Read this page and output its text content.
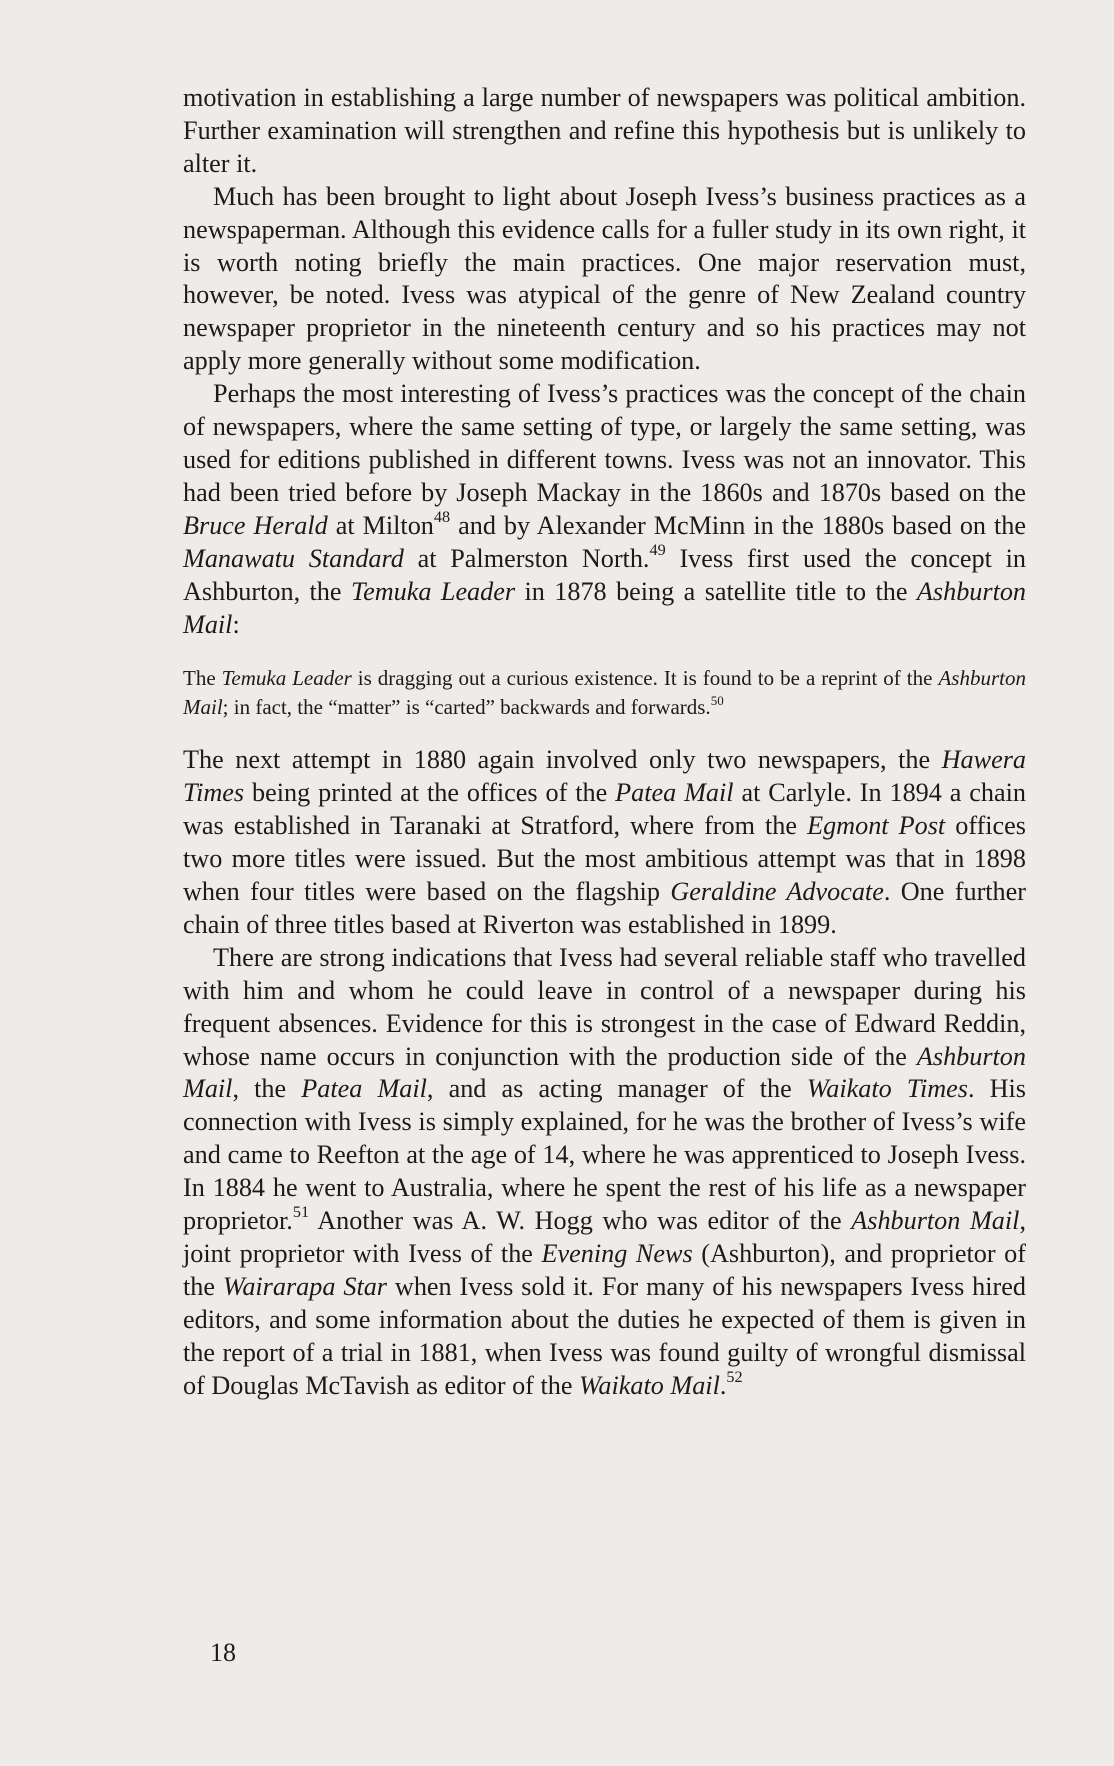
motivation in establishing a large number of newspapers was political ambition. Further examination will strengthen and refine this hypothesis but is unlikely to alter it.

Much has been brought to light about Joseph Ivess’s business practices as a newspaperman. Although this evidence calls for a fuller study in its own right, it is worth noting briefly the main practices. One major reservation must, however, be noted. Ivess was atypical of the genre of New Zealand country newspaper proprietor in the nineteenth century and so his practices may not apply more generally without some modification.

Perhaps the most interesting of Ivess’s practices was the concept of the chain of newspapers, where the same setting of type, or largely the same setting, was used for editions published in different towns. Ivess was not an innovator. This had been tried before by Joseph Mackay in the 1860s and 1870s based on the Bruce Herald at Milton$^{48}$ and by Alexander McMinn in the 1880s based on the Manawatu Standard at Palmerston North.$^{49}$ Ivess first used the concept in Ashburton, the Temuka Leader in 1878 being a satellite title to the Ashburton Mail:

The Temuka Leader is dragging out a curious existence. It is found to be a reprint of the Ashburton Mail; in fact, the “matter” is “carted” backwards and forwards.$^{50}$

The next attempt in 1880 again involved only two newspapers, the Hawera Times being printed at the offices of the Patea Mail at Carlyle. In 1894 a chain was established in Taranaki at Stratford, where from the Egmont Post offices two more titles were issued. But the most ambitious attempt was that in 1898 when four titles were based on the flagship Geraldine Advocate. One further chain of three titles based at Riverton was established in 1899.

There are strong indications that Ivess had several reliable staff who travelled with him and whom he could leave in control of a newspaper during his frequent absences. Evidence for this is strongest in the case of Edward Reddin, whose name occurs in conjunction with the production side of the Ashburton Mail, the Patea Mail, and as acting manager of the Waikato Times. His connection with Ivess is simply explained, for he was the brother of Ivess’s wife and came to Reefton at the age of 14, where he was apprenticed to Joseph Ivess. In 1884 he went to Australia, where he spent the rest of his life as a newspaper proprietor.$^{51}$ Another was A. W. Hogg who was editor of the Ashburton Mail, joint proprietor with Ivess of the Evening News (Ashburton), and proprietor of the Wairarapa Star when Ivess sold it. For many of his newspapers Ivess hired editors, and some information about the duties he expected of them is given in the report of a trial in 1881, when Ivess was found guilty of wrongful dismissal of Douglas McTavish as editor of the Waikato Mail.$^{52}$

18
